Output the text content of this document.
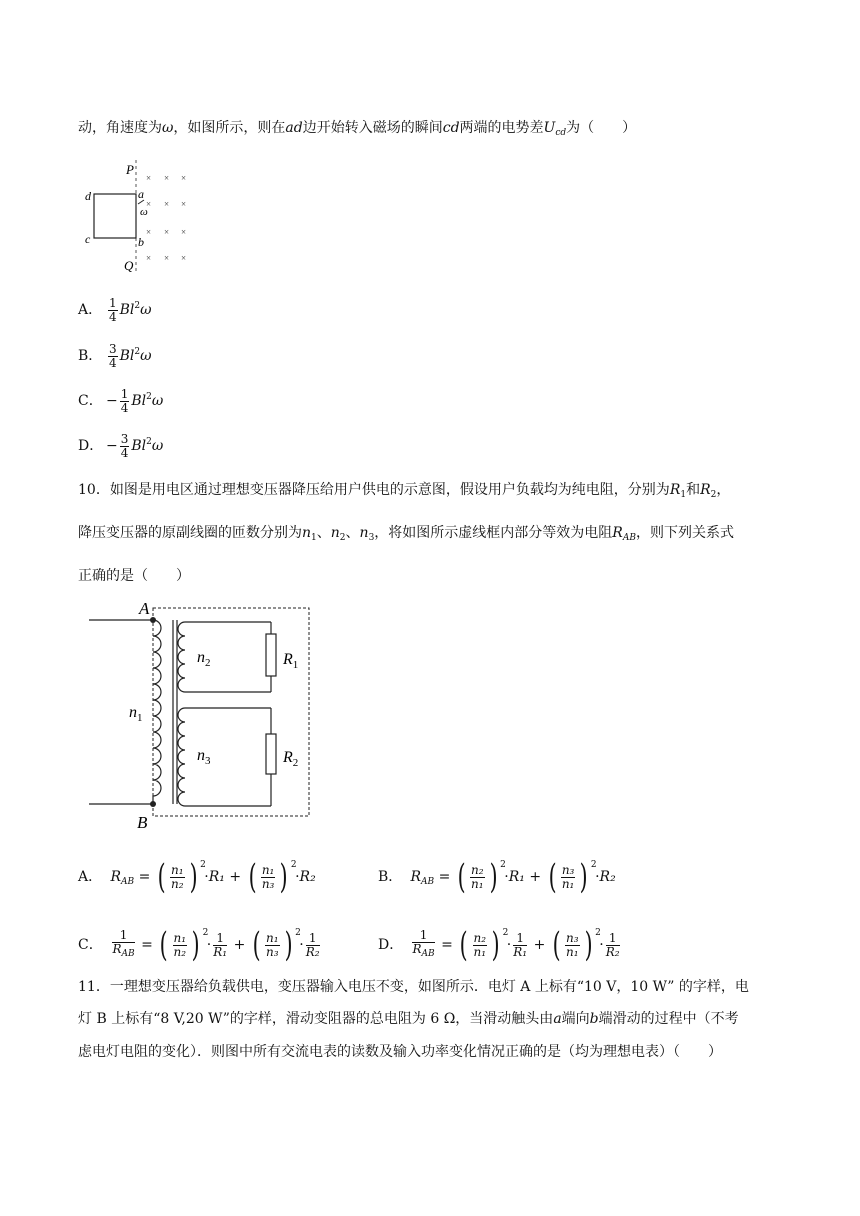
动，角速度为ω，如图所示，则在ad边开始转入磁场的瞬间cd两端的电势差$U_{cd}$为（　　）
P
Q
d
c
a
b
ω
× × ×
× × ×
× × ×
× × ×
A． $\frac{1}{4} Bl^2\omega$
B． $\frac{3}{4} Bl^2\omega$
C． − $\frac{1}{4} Bl^2\omega$
D． − $\frac{3}{4} Bl^2\omega$
10．如图是用电区通过理想变压器降压给用户供电的示意图，假设用户负载均为纯电阻，分别为$R_1$和$R_2$，
降压变压器的原副线圈的匝数分别为$n_1$、$n_2$、$n_3$，将如图所示虚线框内部分等效为电阻$R_{AB}$，则下列关系式
正确的是（　　）
A
B
$n_1$
$n_2$	$R_1$
$n_3$	$R_2$
A． $R_{AB}$ = ( $\frac{\text{n₁}}{\text{n₂}}$ ) 2
·R₁ + ( $\frac{\text{n₁}}{\text{n₃}}$ ) 2
·R₂	B． $R_{AB}$ = ( $\frac{\text{n₂}}{\text{n₁}}$ ) 2
·R₁ + ( $\frac{\text{n₃}}{\text{n₁}}$ ) 2
·R₂
C． $\frac{1}{R_{AB}}$ = ( $\frac{\text{n₁}}{\text{n₂}}$ ) 2
· $\frac{1}{\text{R₁}}$ + ( $\frac{\text{n₁}}{\text{n₃}}$ ) 2
· $\frac{1}{\text{R₂}}$	D． $\frac{1}{R_{AB}}$ = ( $\frac{\text{n₂}}{\text{n₁}}$ ) 2
· $\frac{1}{\text{R₁}}$ + ( $\frac{\text{n₃}}{\text{n₁}}$ ) 2
· $\frac{1}{\text{R₂}}$
11．一理想变压器给负载供电，变压器输入电压不变，如图所示．电灯 A 上标有“10 V，10 W” 的字样，电
灯 B 上标有“8 V,20 W”的字样，滑动变阻器的总电阻为 6 Ω，当滑动触头由a端向b端滑动的过程中（不考
虑电灯电阻的变化）．则图中所有交流电表的读数及输入功率变化情况正确的是（均为理想电表）（　　）
